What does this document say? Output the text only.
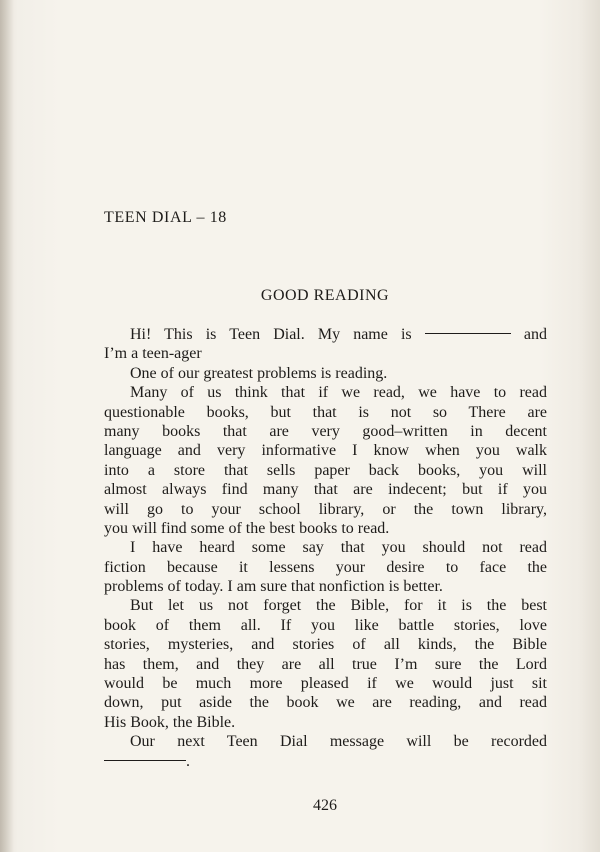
TEEN DIAL – 18
GOOD READING
Hi! This is Teen Dial. My name is	and
I’m a teen-ager
One of our greatest problems is reading.
Many of us think that if we read, we have to read
questionable books, but that is not so There are
many books that are very good–written in decent
language and very informative I know when you walk
into a store that sells paper back books, you will
almost always find many that are indecent; but if you
will go to your school library, or the town library,
you will find some of the best books to read.
I have heard some say that you should not read
fiction because it lessens your desire to face the
problems of today. I am sure that nonfiction is better.
But let us not forget the Bible, for it is the best
book of them all. If you like battle stories, love
stories, mysteries, and stories of all kinds, the Bible
has them, and they are all true I’m sure the Lord
would be much more pleased if we would just sit
down, put aside the book we are reading, and read
His Book, the Bible.
Our next Teen Dial message will be recorded
.
426
